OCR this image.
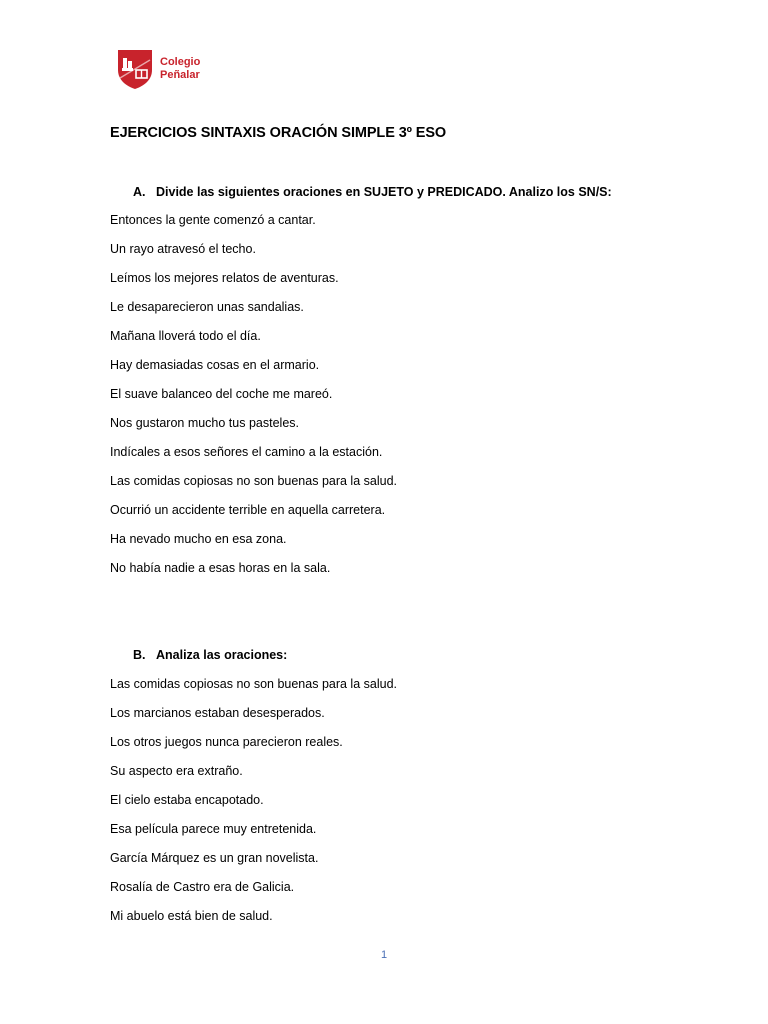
Colegio
Peñalar
EJERCICIOS SINTAXIS ORACIÓN SIMPLE 3º ESO
A. Divide las siguientes oraciones en SUJETO y PREDICADO. Analizo los SN/S:
Entonces la gente comenzó a cantar.
Un rayo atravesó el techo.
Leímos los mejores relatos de aventuras.
Le desaparecieron unas sandalias.
Mañana lloverá todo el día.
Hay demasiadas cosas en el armario.
El suave balanceo del coche me mareó.
Nos gustaron mucho tus pasteles.
Indícales a esos señores el camino a la estación.
Las comidas copiosas no son buenas para la salud.
Ocurrió un accidente terrible en aquella carretera.
Ha nevado mucho en esa zona.
No había nadie a esas horas en la sala.
B. Analiza las oraciones:
Las comidas copiosas no son buenas para la salud.
Los marcianos estaban desesperados.
Los otros juegos nunca parecieron reales.
Su aspecto era extraño.
El cielo estaba encapotado.
Esa película parece muy entretenida.
García Márquez es un gran novelista.
Rosalía de Castro era de Galicia.
Mi abuelo está bien de salud.
1
